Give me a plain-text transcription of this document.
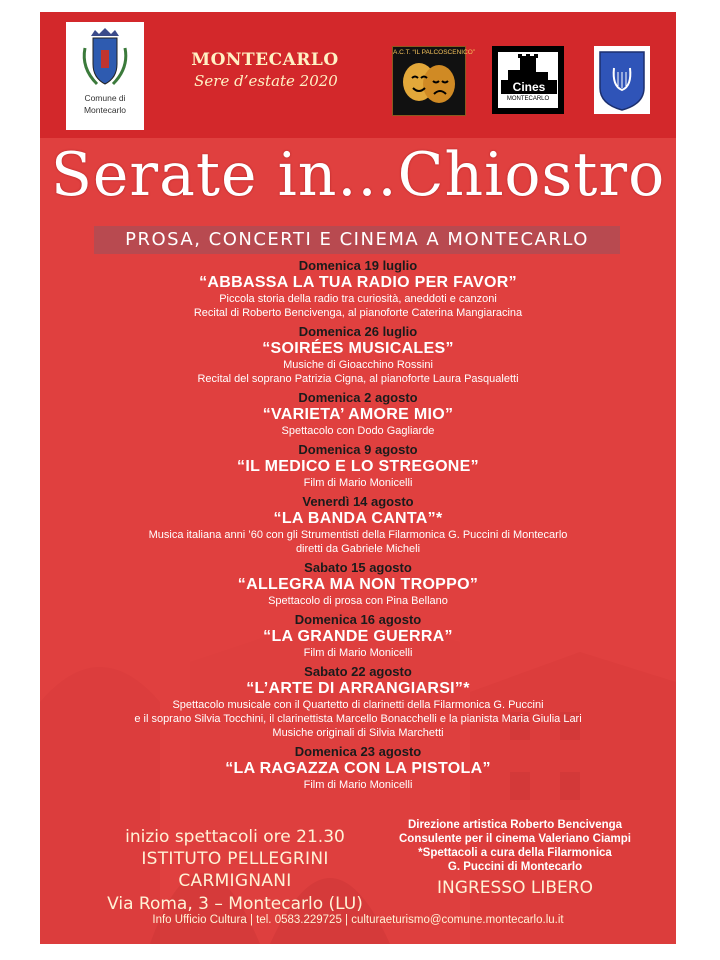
Comune di Montecarlo
MONTECARLO
Sere d’estate 2020
A.C.T. “IL PALCOSCENICO”
Cines
MONTECARLO
Serate in...Chiostro
PROSA, CONCERTI E CINEMA A MONTECARLO
Domenica 19 luglio
“ABBASSA LA TUA RADIO PER FAVOR”
Piccola storia della radio tra curiosità, aneddoti e canzoni
Recital di Roberto Bencivenga, al pianoforte Caterina Mangiaracina
Domenica 26 luglio
“SOIRÉES MUSICALES”
Musiche di Gioacchino Rossini
Recital del soprano Patrizia Cigna, al pianoforte Laura Pasqualetti
Domenica 2 agosto
“VARIETA’ AMORE MIO”
Spettacolo con Dodo Gagliarde
Domenica 9 agosto
“IL MEDICO E LO STREGONE”
Film di Mario Monicelli
Venerdì 14 agosto
“LA BANDA CANTA”*
Musica italiana anni ’60 con gli Strumentisti della Filarmonica G. Puccini di Montecarlo
diretti da Gabriele Micheli
Sabato 15 agosto
“ALLEGRA MA NON TROPPO”
Spettacolo di prosa con Pina Bellano
Domenica 16 agosto
“LA GRANDE GUERRA”
Film di Mario Monicelli
Sabato 22 agosto
“L’ARTE DI ARRANGIARSI”*
Spettacolo musicale con il Quartetto di clarinetti della Filarmonica G. Puccini
e il soprano Silvia Tocchini, il clarinettista Marcello Bonacchelli e la pianista Maria Giulia Lari
Musiche originali di Silvia Marchetti
Domenica 23 agosto
“LA RAGAZZA CON LA PISTOLA”
Film di Mario Monicelli
inizio spettacoli ore 21.30
ISTITUTO PELLEGRINI CARMIGNANI
Via Roma, 3 – Montecarlo (LU)
Direzione artistica Roberto Bencivenga
Consulente per il cinema Valeriano Ciampi
*Spettacoli a cura della Filarmonica
G. Puccini di Montecarlo
INGRESSO LIBERO
Info Ufficio Cultura | tel. 0583.229725 | culturaeturismo@comune.montecarlo.lu.it
